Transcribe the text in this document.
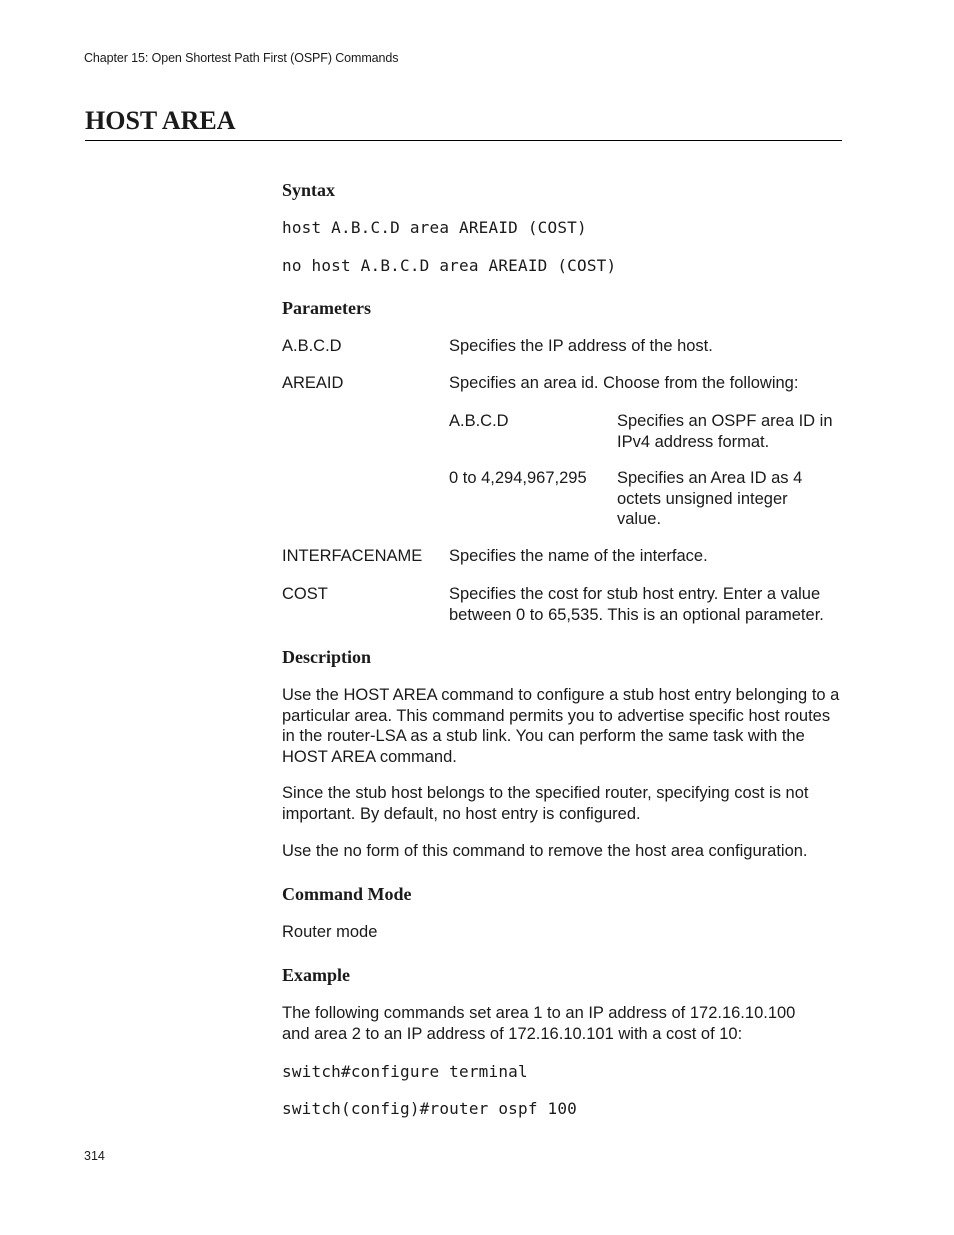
Chapter 15: Open Shortest Path First (OSPF) Commands
HOST AREA
Syntax
host A.B.C.D area AREAID (COST)
no host A.B.C.D area AREAID (COST)
Parameters
A.B.C.D	Specifies the IP address of the host.
AREAID	Specifies an area id. Choose from the following:
A.B.C.D	Specifies an OSPF area ID in IPv4 address format.
0 to 4,294,967,295 Specifies an Area ID as 4 octets unsigned integer value.
INTERFACENAME Specifies the name of the interface.
COST	Specifies the cost for stub host entry. Enter a value between 0 to 65,535. This is an optional parameter.
Description
Use the HOST AREA command to configure a stub host entry belonging to a particular area. This command permits you to advertise specific host routes in the router-LSA as a stub link. You can perform the same task with the HOST AREA command.
Since the stub host belongs to the specified router, specifying cost is not important. By default, no host entry is configured.
Use the no form of this command to remove the host area configuration.
Command Mode
Router mode
Example
The following commands set area 1 to an IP address of 172.16.10.100 and area 2 to an IP address of 172.16.10.101 with a cost of 10:
switch#configure terminal
switch(config)#router ospf 100
314
